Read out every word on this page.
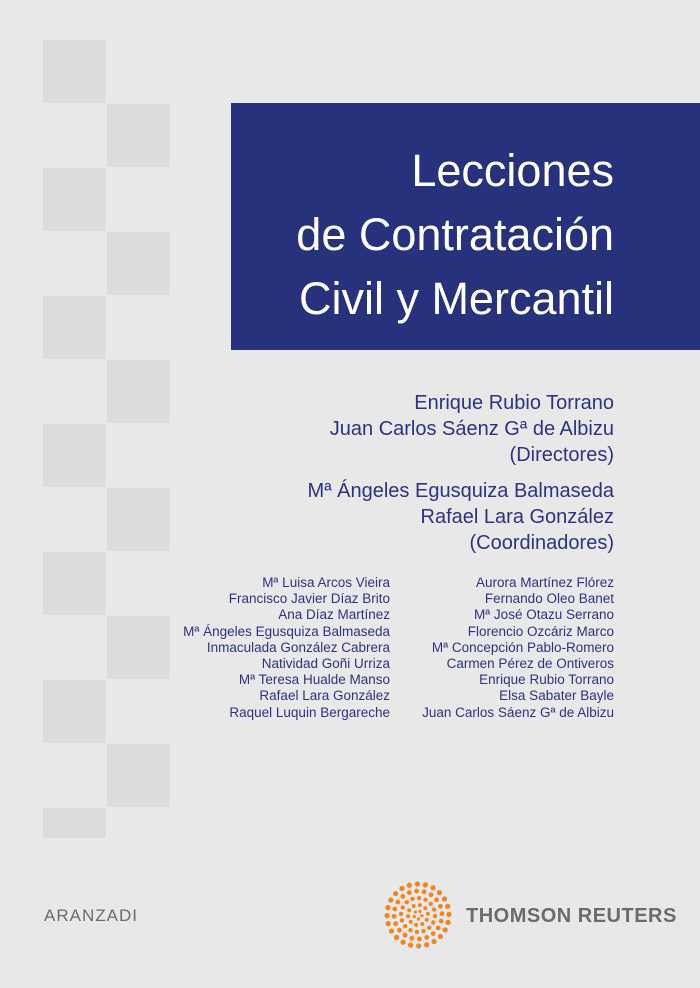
Lecciones
de Contratación
Civil y Mercantil
Enrique Rubio Torrano
Juan Carlos Sáenz Gª de Albizu
(Directores)
Mª Ángeles Egusquiza Balmaseda
Rafael Lara González
(Coordinadores)
Mª Luisa Arcos Vieira
Francisco Javier Díaz Brito
Ana Díaz Martínez
Mª Ángeles Egusquiza Balmaseda
Inmaculada González Cabrera
Natividad Goñi Urriza
Mª Teresa Hualde Manso
Rafael Lara González
Raquel Luquin Bergareche
Aurora Martínez Flórez
Fernando Oleo Banet
Mª José Otazu Serrano
Florencio Ozcáriz Marco
Mª Concepción Pablo-Romero
Carmen Pérez de Ontiveros
Enrique Rubio Torrano
Elsa Sabater Bayle
Juan Carlos Sáenz Gª de Albizu
ARANZADI	THOMSON REUTERS
